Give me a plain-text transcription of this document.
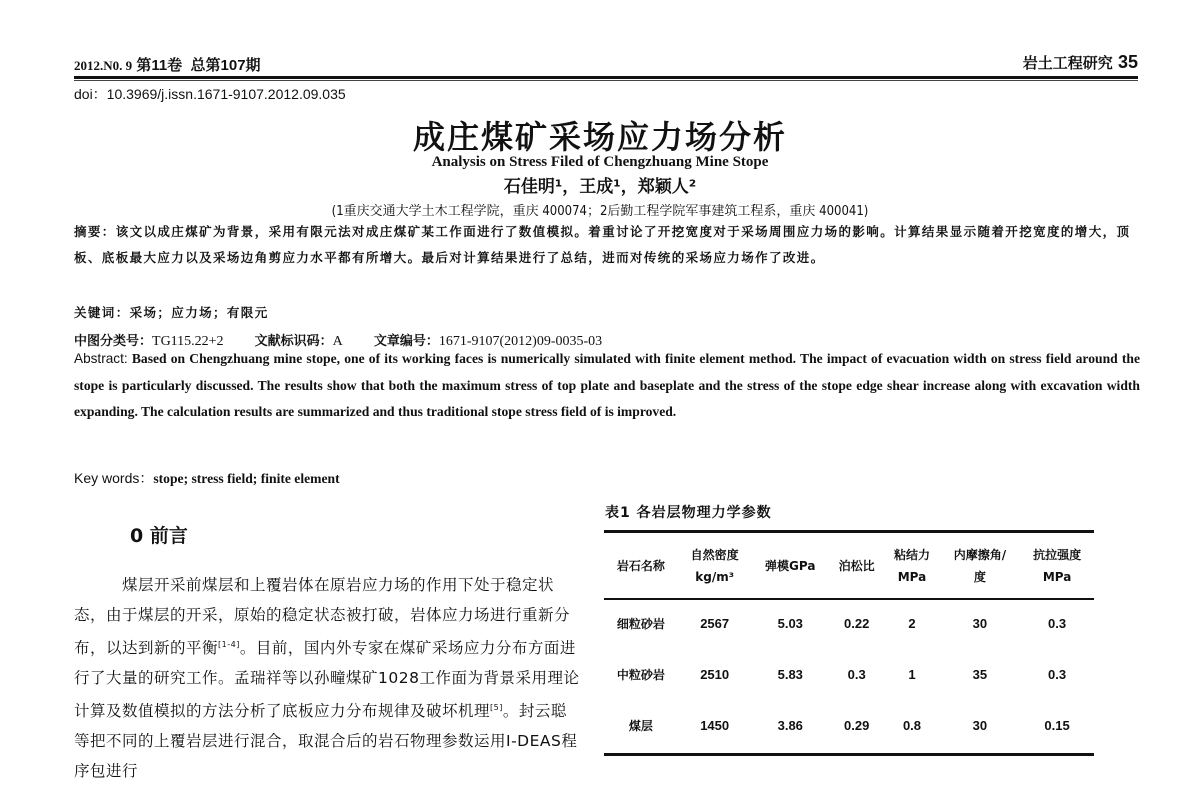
2012.N0. 9 第11卷 总第107期	岩土工程研究 35
doi：10.3969/j.issn.1671-9107.2012.09.035
成庄煤矿采场应力场分析
Analysis on Stress Filed of Chengzhuang Mine Stope
石佳明¹，王成¹，郑颖人²
(1重庆交通大学土木工程学院，重庆 400074；2后勤工程学院军事建筑工程系，重庆 400041)
摘要：该文以成庄煤矿为背景，采用有限元法对成庄煤矿某工作面进行了数值模拟。着重讨论了开挖宽度对于采场周围应力场的影响。计算结果显示随着开挖宽度的增大，顶板、底板最大应力以及采场边角剪应力水平都有所增大。最后对计算结果进行了总结，进而对传统的采场应力场作了改进。
关键词：采场；应力场；有限元
中图分类号：TG115.22+2 文献标识码：A 文章编号：1671-9107(2012)09-0035-03
Abstract: Based on Chengzhuang mine stope, one of its working faces is numerically simulated with finite element method. The impact of evacuation width on stress field around the stope is particularly discussed. The results show that both the maximum stress of top plate and baseplate and the stress of the stope edge shear increase along with excavation width expanding. The calculation results are summarized and thus traditional stope stress field of is improved.
Key words：stope; stress field; finite element
0 前言
煤层开采前煤层和上覆岩体在原岩应力场的作用下处于稳定状态，由于煤层的开采，原始的稳定状态被打破，岩体应力场进行重新分布，以达到新的平衡[1-4]。目前，国内外专家在煤矿采场应力分布方面进行了大量的研究工作。孟瑞祥等以孙疃煤矿1028工作面为背景采用理论计算及数值模拟的方法分析了底板应力分布规律及破坏机理[5]。封云聪等把不同的上覆岩层进行混合，取混合后的岩石物理参数运用I-DEAS程序包进行
表1 各岩层物理力学参数
岩石名称	自然密度
kg/m³	弹模GPa	泊松比	粘结力
MPa	内摩擦角/
度	抗拉强度
MPa
细粒砂岩	2567	5.03	0.22	2	30	0.3
中粒砂岩	2510	5.83	0.3	1	35	0.3
煤层	1450	3.86	0.29	0.8	30	0.15
